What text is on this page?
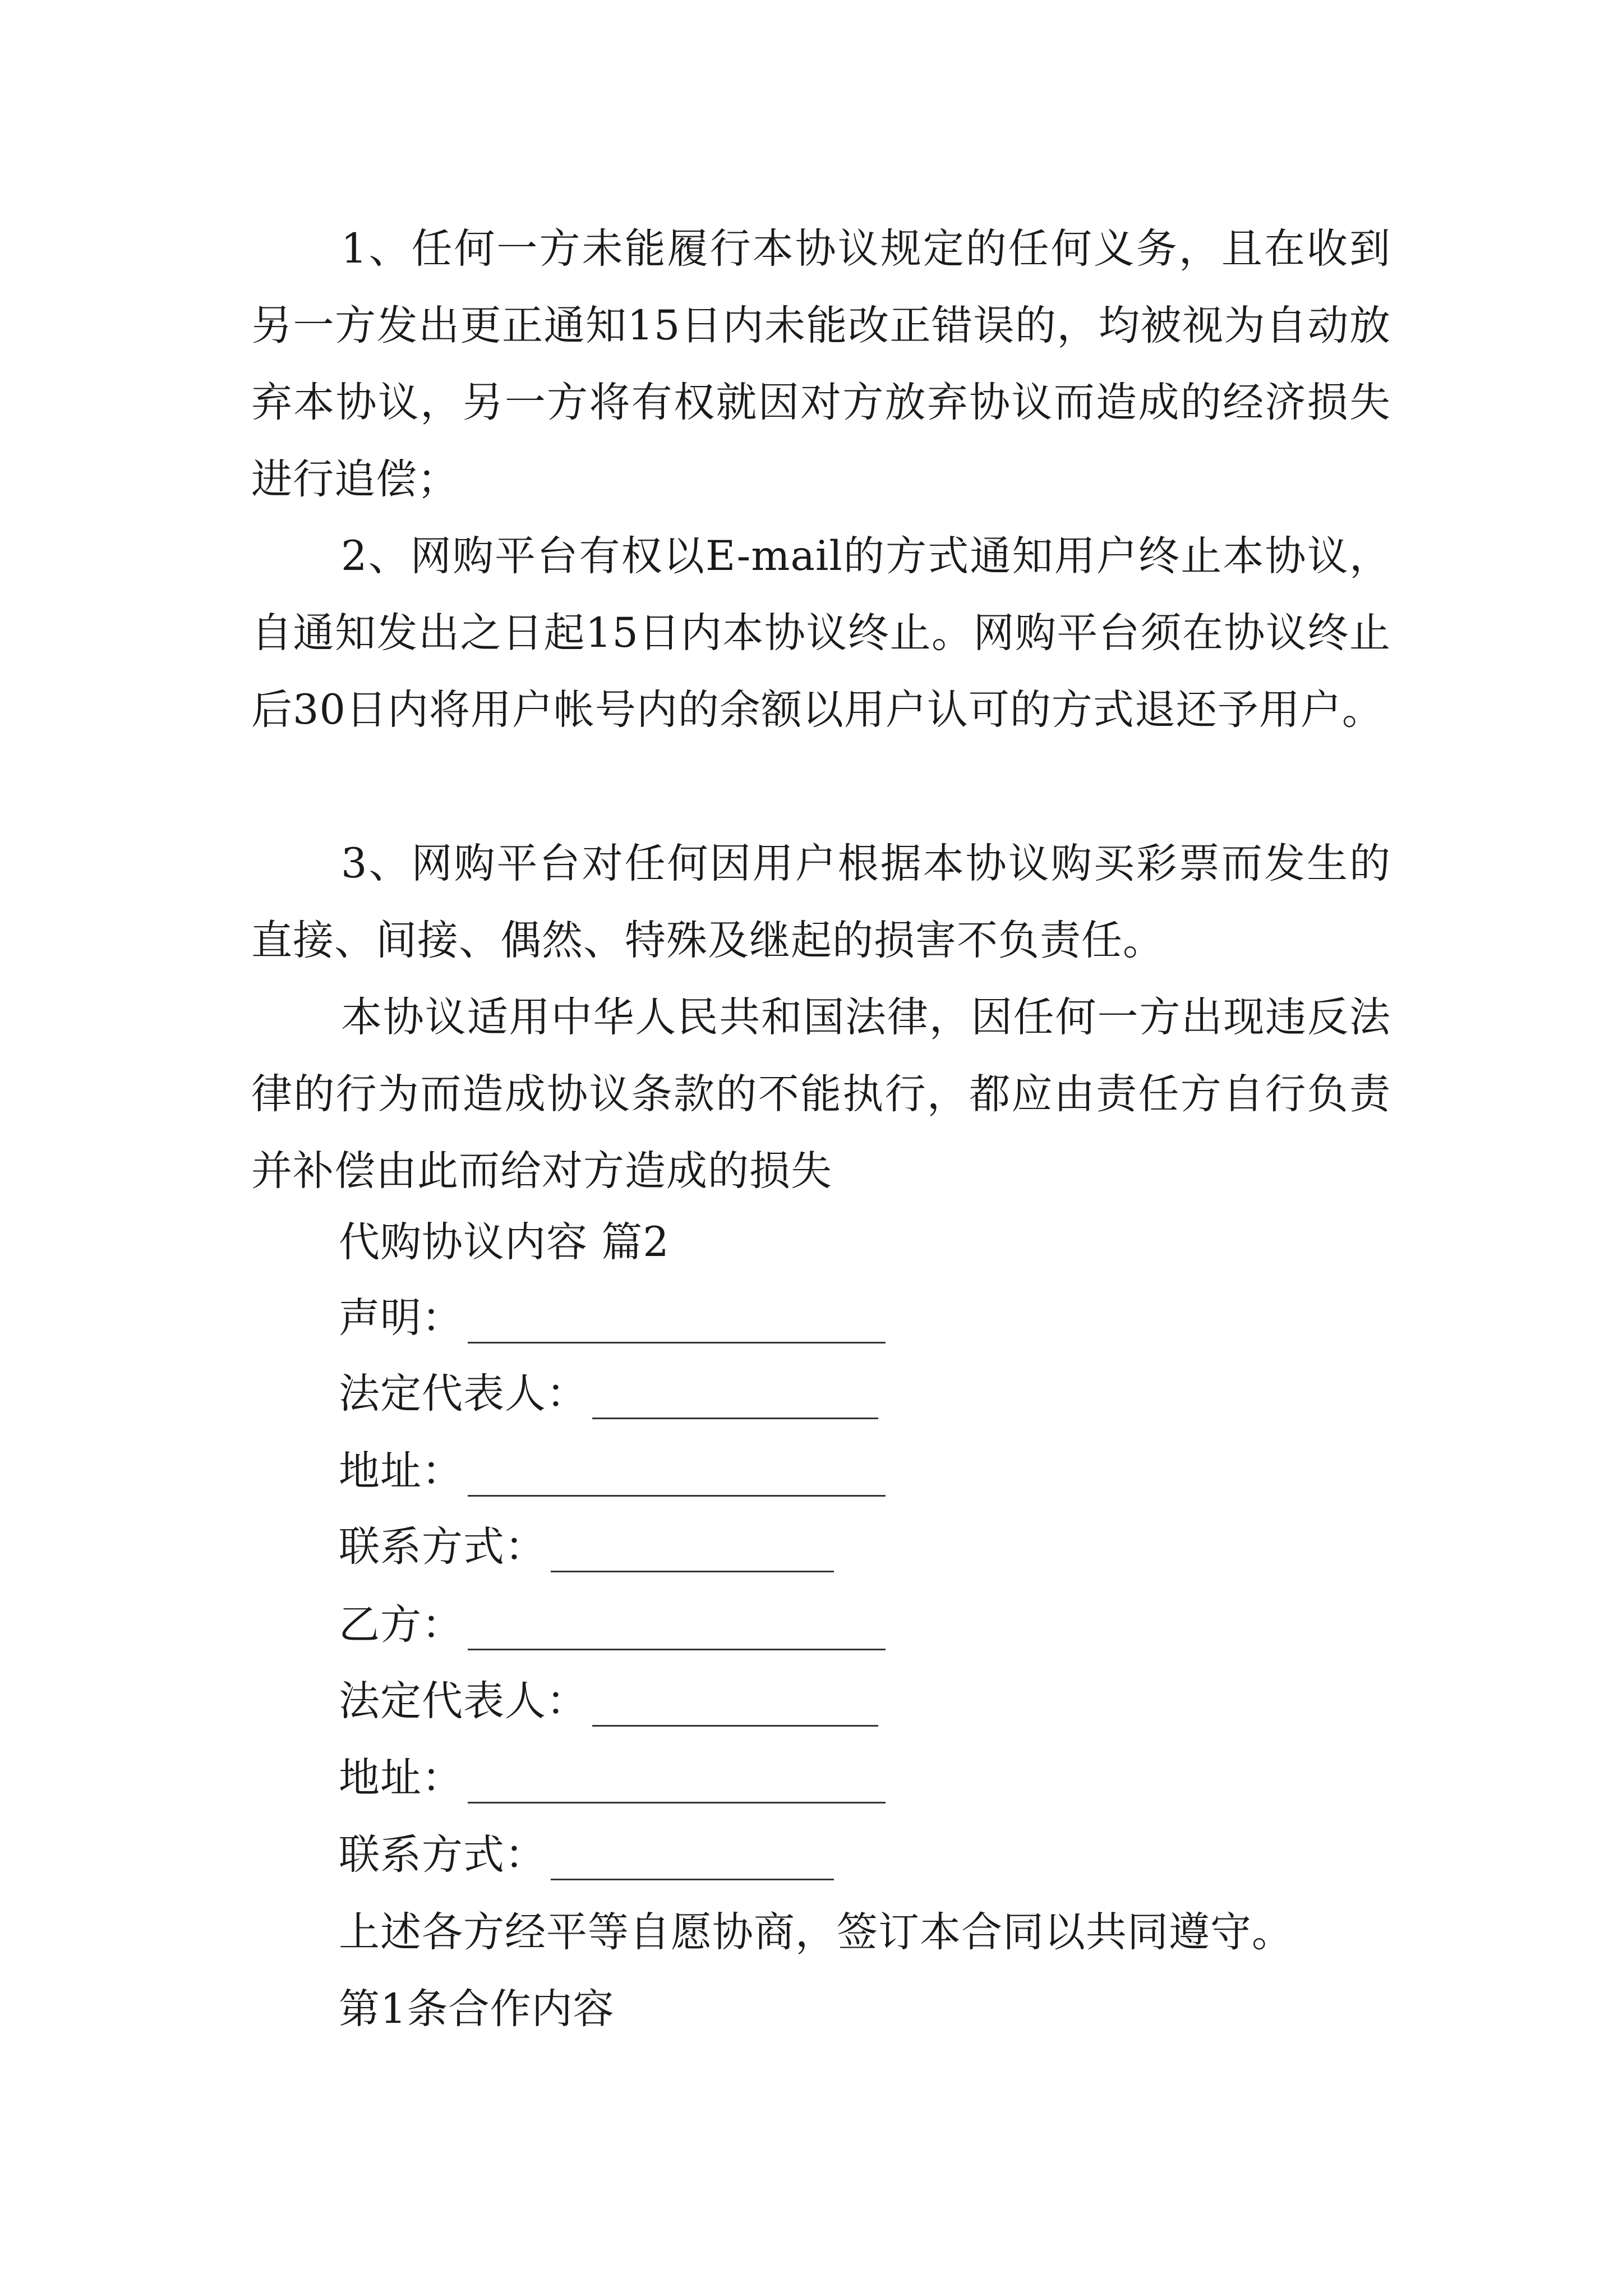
1、任何一方未能履行本协议规定的任何义务，且在收到另一方发出更正通知15日内未能改正错误的，均被视为自动放弃本协议，另一方将有权就因对方放弃协议而造成的经济损失进行追偿；

2、网购平台有权以E-mail的方式通知用户终止本协议，自通知发出之日起15日内本协议终止。网购平台须在协议终止后30日内将用户帐号内的余额以用户认可的方式退还予用户。

3、网购平台对任何因用户根据本协议购买彩票而发生的直接、间接、偶然、特殊及继起的损害不负责任。

本协议适用中华人民共和国法律，因任何一方出现违反法律的行为而造成协议条款的不能执行，都应由责任方自行负责并补偿由此而给对方造成的损失

代购协议内容 篇2

声明：
法定代表人：
地址：
联系方式：
乙方：
法定代表人：
地址：
联系方式：

上述各方经平等自愿协商，签订本合同以共同遵守。

第1条合作内容
